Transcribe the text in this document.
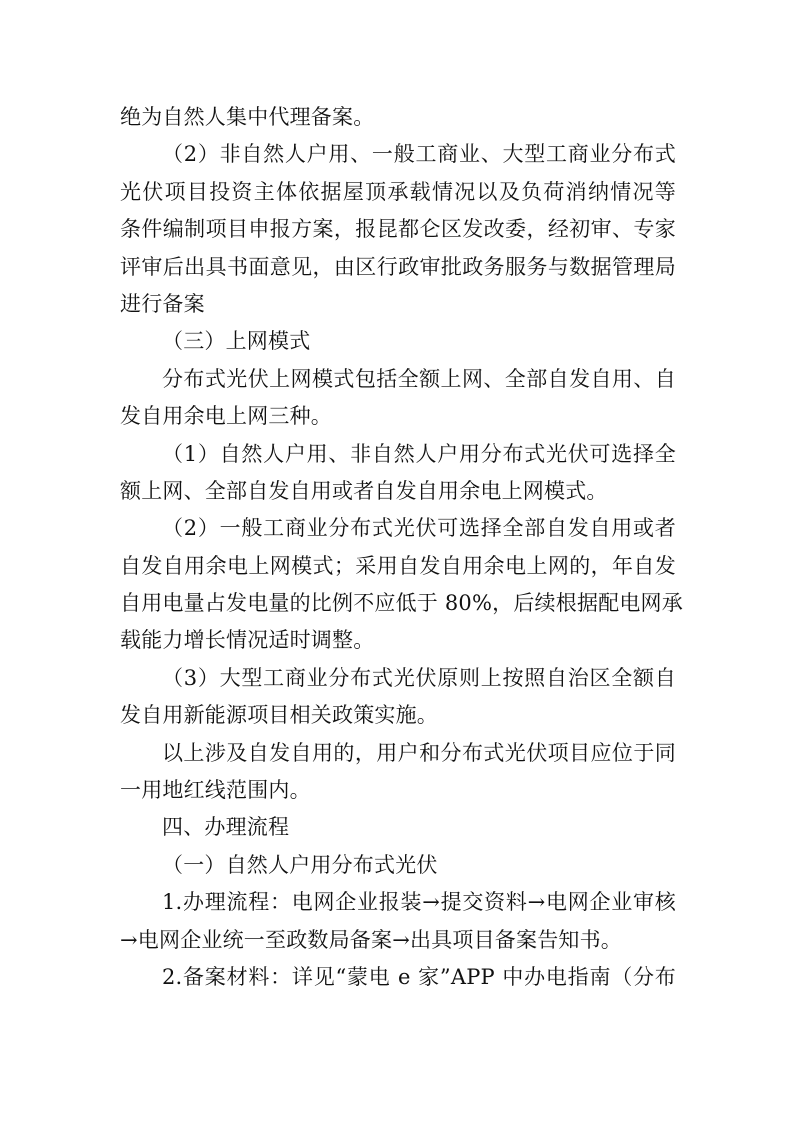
绝为自然人集中代理备案。
（2）非自然人户用、一般工商业、大型工商业分布式
光伏项目投资主体依据屋顶承载情况以及负荷消纳情况等
条件编制项目申报方案，报昆都仑区发改委，经初审、专家
评审后出具书面意见，由区行政审批政务服务与数据管理局
进行备案
（三）上网模式
分布式光伏上网模式包括全额上网、全部自发自用、自
发自用余电上网三种。
（1）自然人户用、非自然人户用分布式光伏可选择全
额上网、全部自发自用或者自发自用余电上网模式。
（2）一般工商业分布式光伏可选择全部自发自用或者
自发自用余电上网模式；采用自发自用余电上网的，年自发
自用电量占发电量的比例不应低于 80%，后续根据配电网承
载能力增长情况适时调整。
（3）大型工商业分布式光伏原则上按照自治区全额自
发自用新能源项目相关政策实施。
以上涉及自发自用的，用户和分布式光伏项目应位于同
一用地红线范围内。
四、办理流程
（一）自然人户用分布式光伏
1.办理流程：电网企业报装→提交资料→电网企业审核
→电网企业统一至政数局备案→出具项目备案告知书。
2.备案材料：详见“蒙电 e 家”APP 中办电指南（分布
